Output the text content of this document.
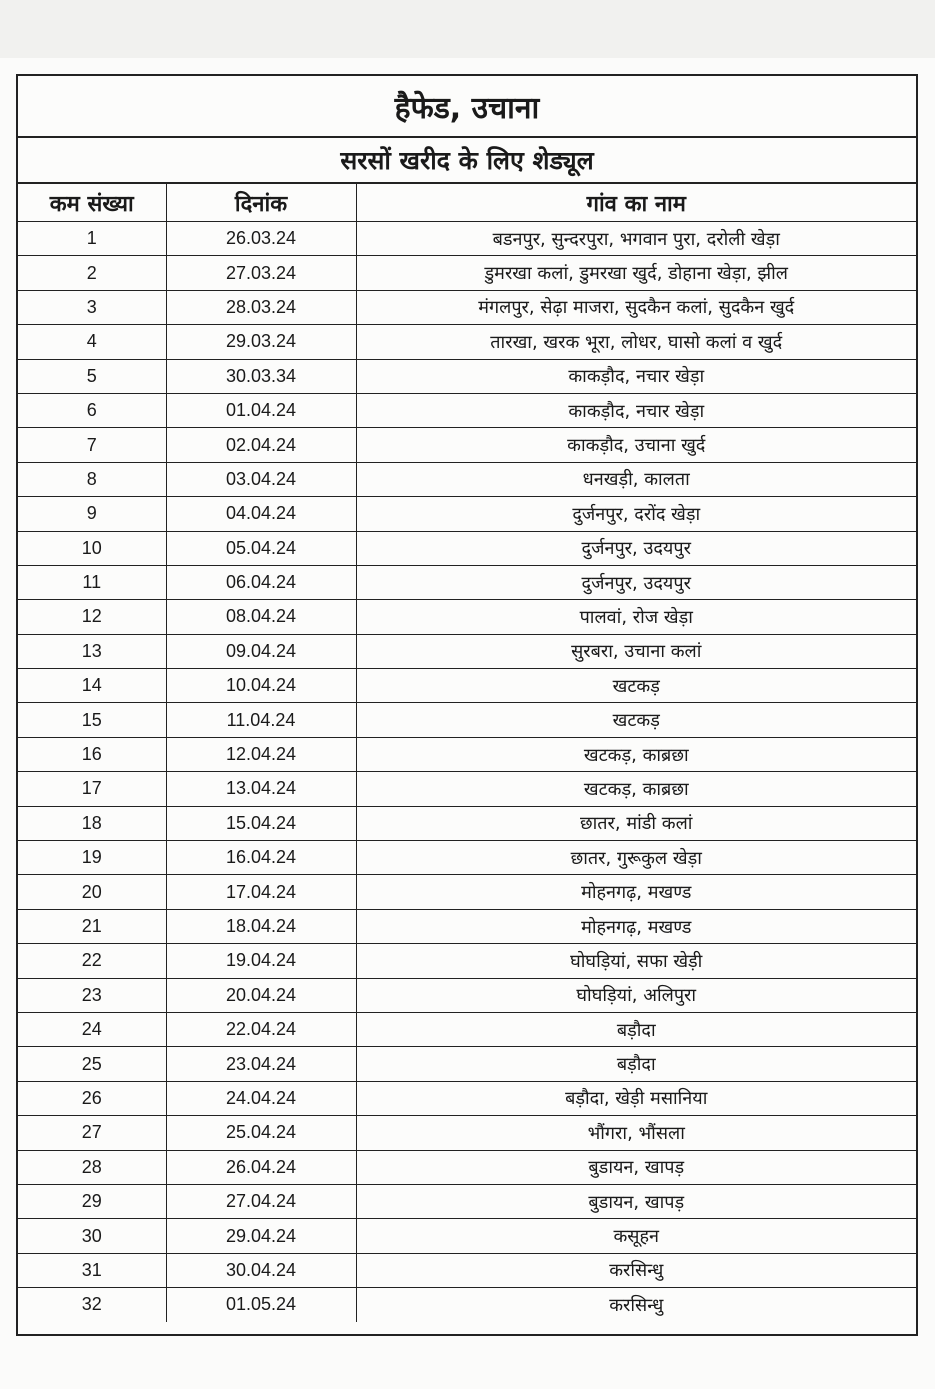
हैफेड, उचाना
सरसों खरीद के लिए शेड्यूल
कम संख्या	दिनांक	गांव का नाम
1	26.03.24	बडनपुर, सुन्दरपुरा, भगवान पुरा, दरोली खेड़ा
2	27.03.24	डुमरखा कलां, डुमरखा खुर्द, डोहाना खेड़ा, झील
3	28.03.24	मंगलपुर, सेढ़ा माजरा, सुदकैन कलां, सुदकैन खुर्द
4	29.03.24	तारखा, खरक भूरा, लोधर, घासो कलां व खुर्द
5	30.03.34	काकड़ौद, नचार खेड़ा
6	01.04.24	काकड़ौद, नचार खेड़ा
7	02.04.24	काकड़ौद, उचाना खुर्द
8	03.04.24	धनखड़ी, कालता
9	04.04.24	दुर्जनपुर, दरोंद खेड़ा
10	05.04.24	दुर्जनपुर, उदयपुर
11	06.04.24	दुर्जनपुर, उदयपुर
12	08.04.24	पालवां, रोज खेड़ा
13	09.04.24	सुरबरा, उचाना कलां
14	10.04.24	खटकड़
15	11.04.24	खटकड़
16	12.04.24	खटकड़, काब्रछा
17	13.04.24	खटकड़, काब्रछा
18	15.04.24	छातर, मांडी कलां
19	16.04.24	छातर, गुरूकुल खेड़ा
20	17.04.24	मोहनगढ़, मखण्ड
21	18.04.24	मोहनगढ़, मखण्ड
22	19.04.24	घोघड़ियां, सफा खेड़ी
23	20.04.24	घोघड़ियां, अलिपुरा
24	22.04.24	बड़ौदा
25	23.04.24	बड़ौदा
26	24.04.24	बड़ौदा, खेड़ी मसानिया
27	25.04.24	भौंगरा, भौंसला
28	26.04.24	बुडायन, खापड़
29	27.04.24	बुडायन, खापड़
30	29.04.24	कसूहन
31	30.04.24	करसिन्धु
32	01.05.24	करसिन्धु
